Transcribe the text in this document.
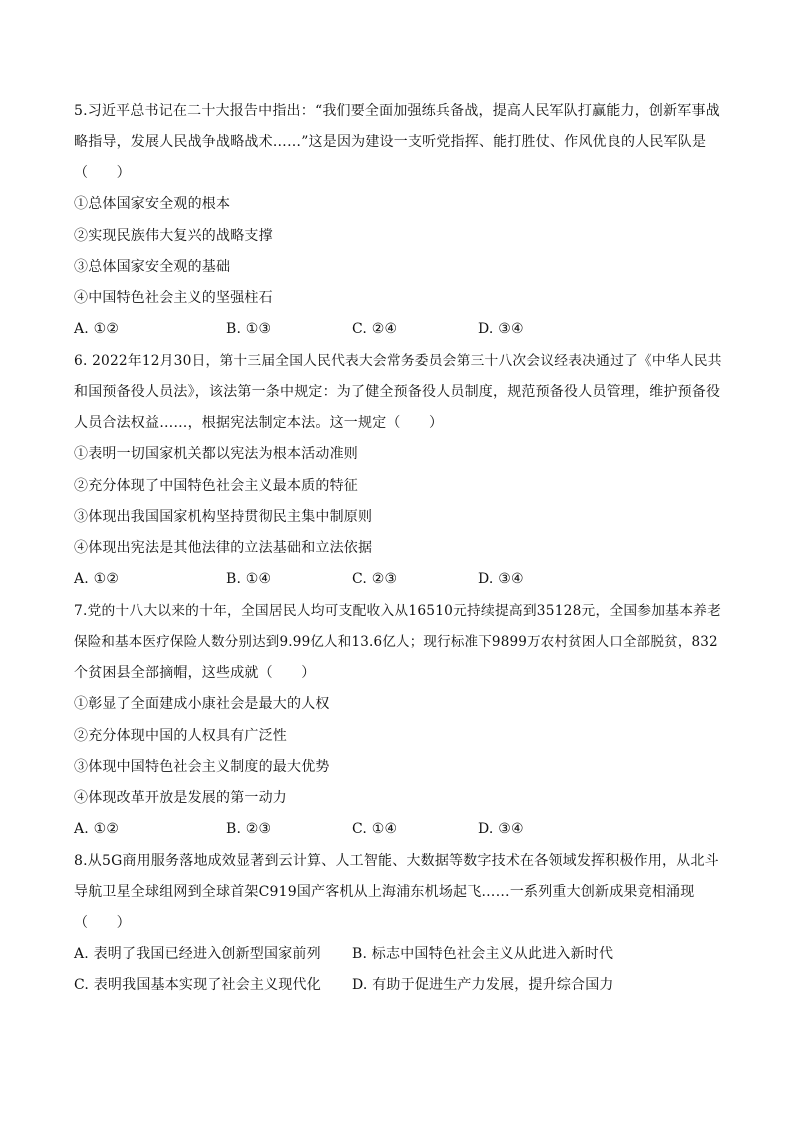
5.习近平总书记在二十大报告中指出：“我们要全面加强练兵备战，提高人民军队打赢能力，创新军事战
略指导，发展人民战争战略战术……”这是因为建设一支听党指挥、能打胜仗、作风优良的人民军队是
（　　）
①总体国家安全观的根本
②实现民族伟大复兴的战略支撑
③总体国家安全观的基础
④中国特色社会主义的坚强柱石
A. ①②	B. ①③	C. ②④	D. ③④
6. 2022年12月30日，第十三届全国人民代表大会常务委员会第三十八次会议经表决通过了《中华人民共
和国预备役人员法》，该法第一条中规定：为了健全预备役人员制度，规范预备役人员管理，维护预备役
人员合法权益……，根据宪法制定本法。这一规定（　　）
①表明一切国家机关都以宪法为根本活动准则
②充分体现了中国特色社会主义最本质的特征
③体现出我国国家机构坚持贯彻民主集中制原则
④体现出宪法是其他法律的立法基础和立法依据
A. ①②	B. ①④	C. ②③	D. ③④
7.党的十八大以来的十年，全国居民人均可支配收入从16510元持续提高到35128元，全国参加基本养老
保险和基本医疗保险人数分别达到9.99亿人和13.6亿人；现行标准下9899万农村贫困人口全部脱贫，832
个贫困县全部摘帽，这些成就（　　）
①彰显了全面建成小康社会是最大的人权
②充分体现中国的人权具有广泛性
③体现中国特色社会主义制度的最大优势
④体现改革开放是发展的第一动力
A. ①②	B. ②③	C. ①④	D. ③④
8.从5G商用服务落地成效显著到云计算、人工智能、大数据等数字技术在各领域发挥积极作用，从北斗
导航卫星全球组网到全球首架C919国产客机从上海浦东机场起飞……一系列重大创新成果竞相涌现
（　　）
A. 表明了我国已经进入创新型国家前列 B. 标志中国特色社会主义从此进入新时代
C. 表明我国基本实现了社会主义现代化 D. 有助于促进生产力发展，提升综合国力
